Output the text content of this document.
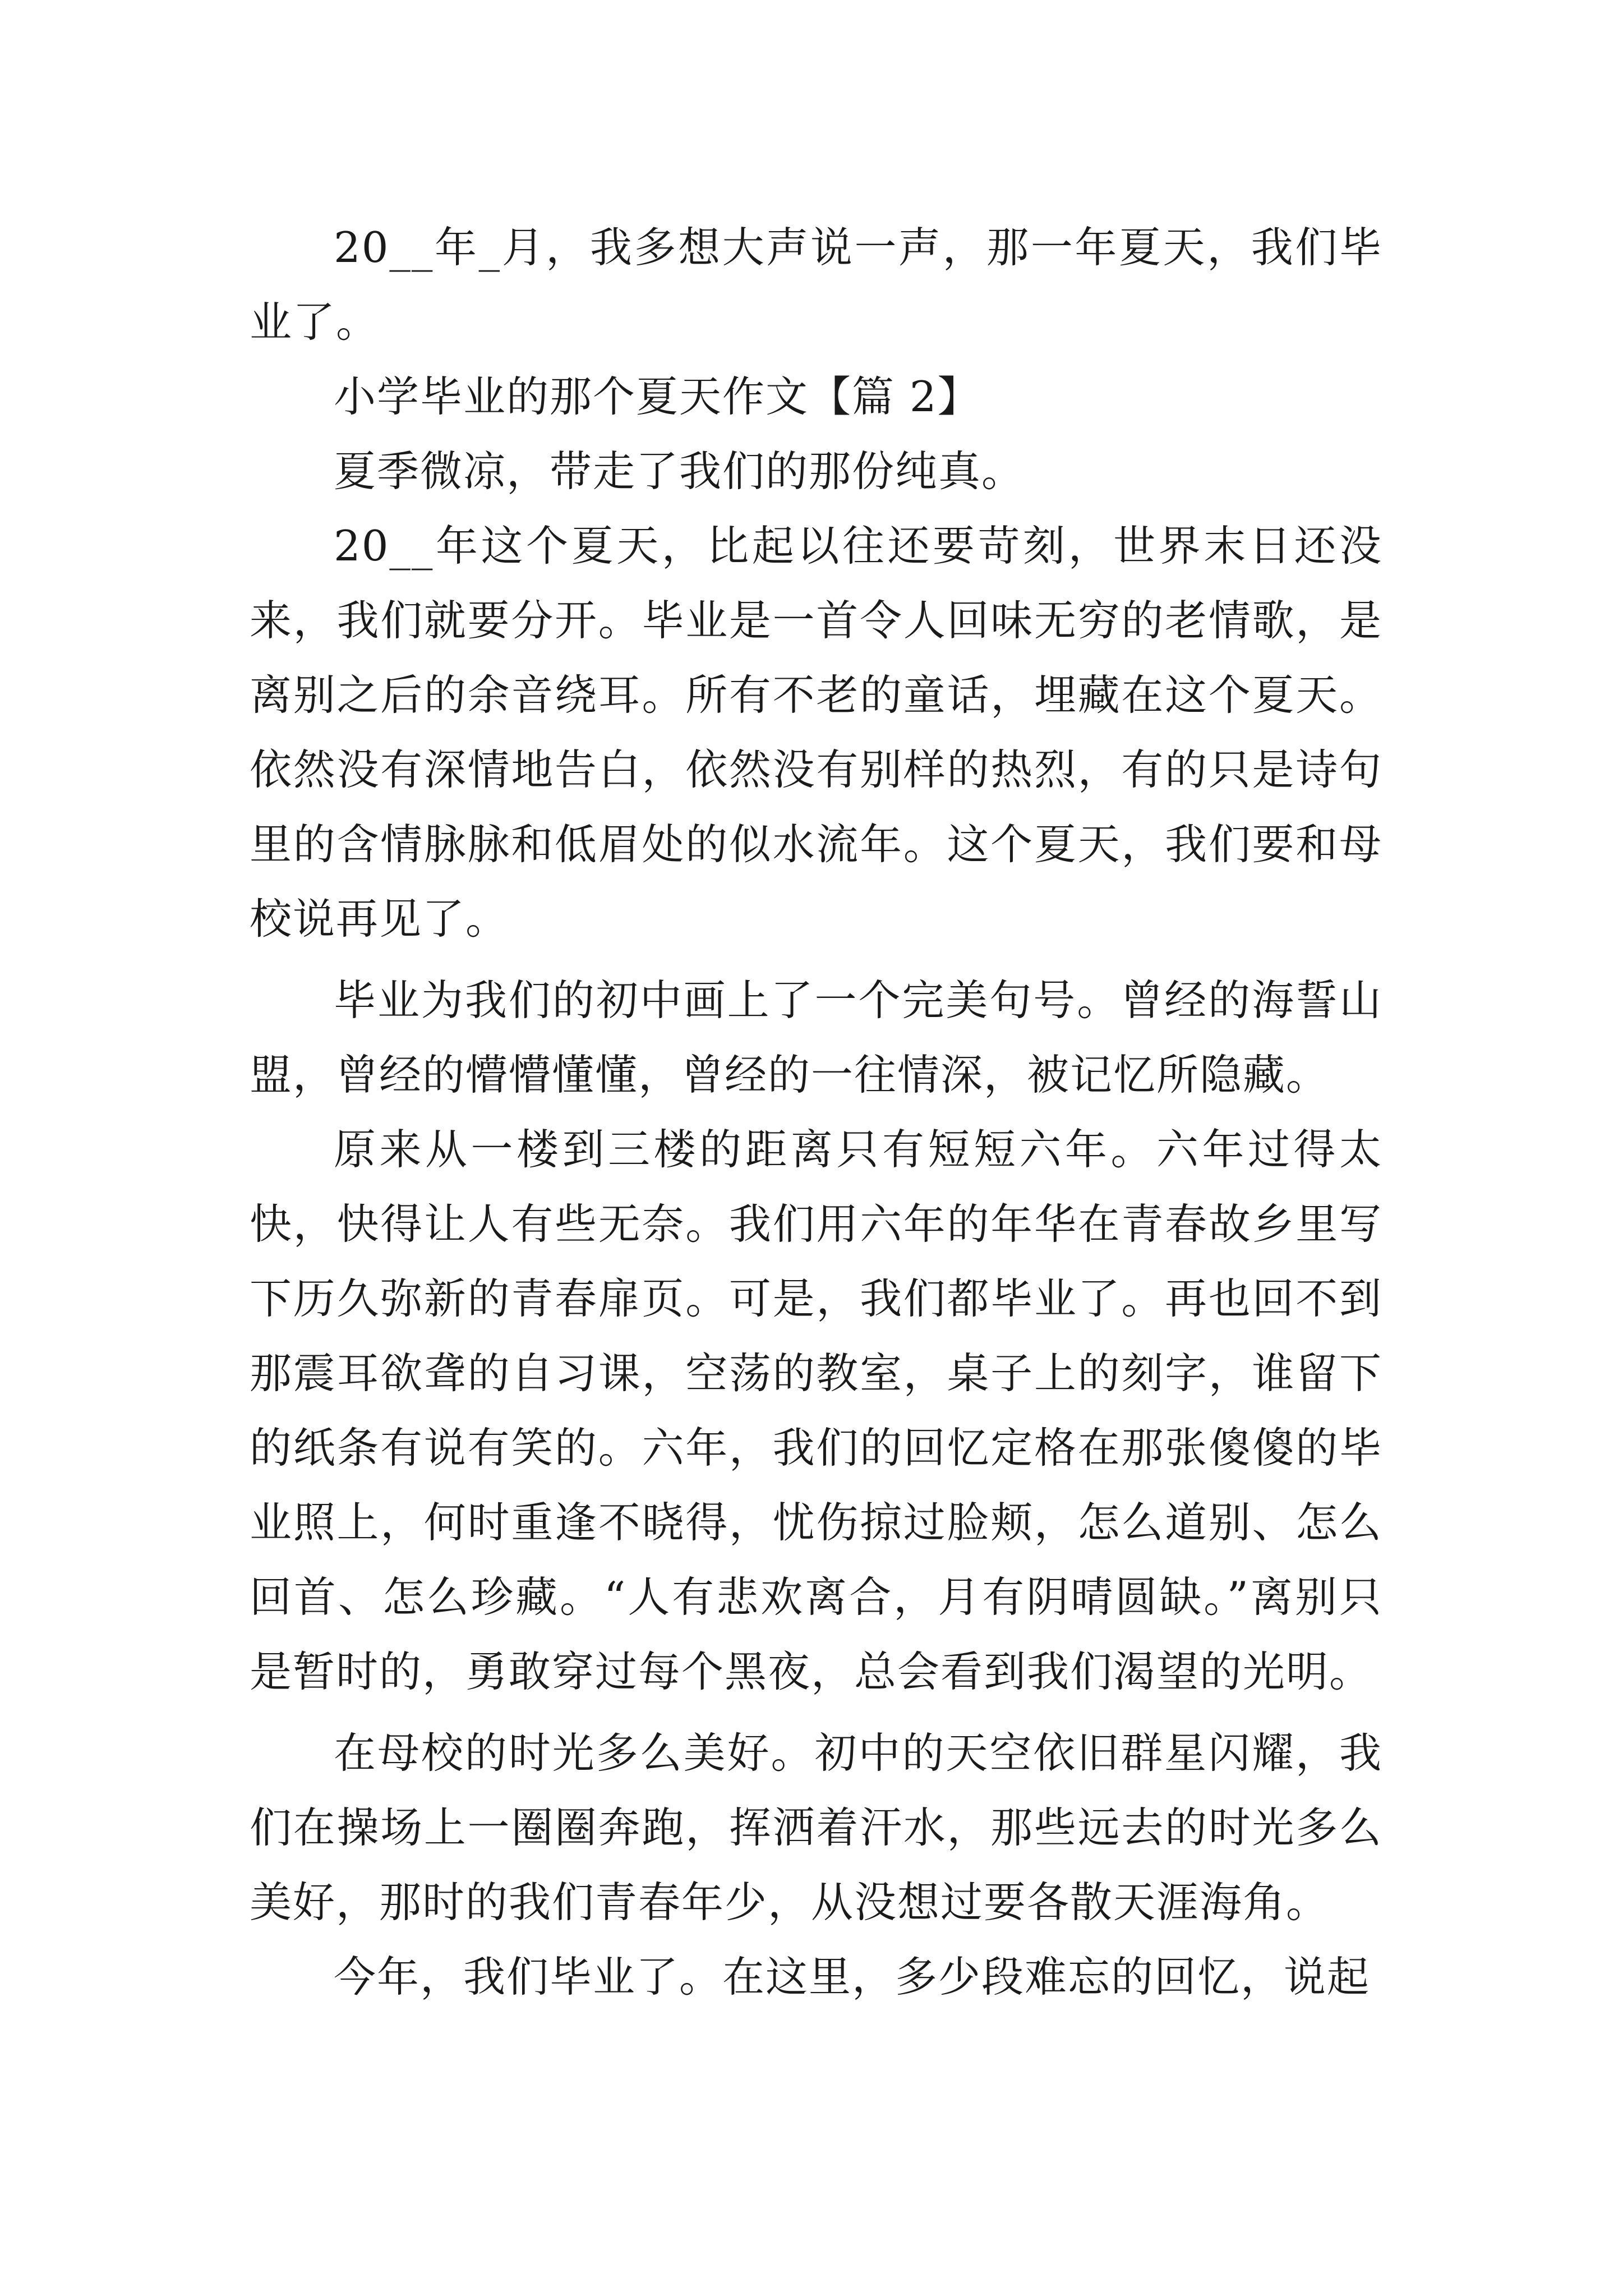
20__年_月，我多想大声说一声，那一年夏天，我们毕业了。

小学毕业的那个夏天作文【篇 2】

夏季微凉，带走了我们的那份纯真。

20__年这个夏天，比起以往还要苛刻，世界末日还没来，我们就要分开。毕业是一首令人回味无穷的老情歌，是离别之后的余音绕耳。所有不老的童话，埋藏在这个夏天。依然没有深情地告白，依然没有别样的热烈，有的只是诗句里的含情脉脉和低眉处的似水流年。这个夏天，我们要和母校说再见了。

毕业为我们的初中画上了一个完美句号。曾经的海誓山盟，曾经的懵懵懂懂，曾经的一往情深，被记忆所隐藏。

原来从一楼到三楼的距离只有短短六年。六年过得太快，快得让人有些无奈。我们用六年的年华在青春故乡里写下历久弥新的青春扉页。可是，我们都毕业了。再也回不到那震耳欲聋的自习课，空荡的教室，桌子上的刻字，谁留下的纸条有说有笑的。六年，我们的回忆定格在那张傻傻的毕业照上，何时重逢不晓得，忧伤掠过脸颊，怎么道别、怎么回首、怎么珍藏。“人有悲欢离合，月有阴晴圆缺。”离别只是暂时的，勇敢穿过每个黑夜，总会看到我们渴望的光明。

在母校的时光多么美好。初中的天空依旧群星闪耀，我们在操场上一圈圈奔跑，挥洒着汗水，那些远去的时光多么美好，那时的我们青春年少，从没想过要各散天涯海角。

今年，我们毕业了。在这里，多少段难忘的回忆，说起
